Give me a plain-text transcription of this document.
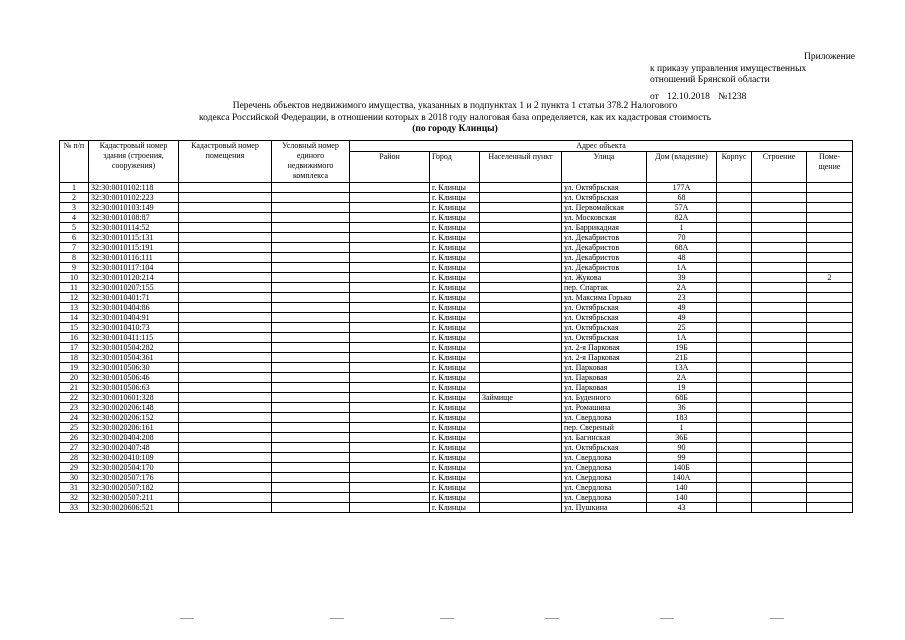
Приложение
к приказу управления имущественных
отношений Брянской области
от 12.10.2018 №1238
Перечень объектов недвижимого имущества, указанных в подпунктах 1 и 2 пункта 1 статьи 378.2 Налогового
кодекса Российской Федерации, в отношении которых в 2018 году налоговая база определяется, как их кадастровая стоимость
(по городу Клинцы)
№ п/п	Кадастровый номер здания (строения, сооружения)	Кадастровый номер помещения	Условный номер единого недвижимого комплекса	Адрес объекта							
				Район	Город	Населенный пункт	Улица	Дом (владение)	Корпус	Строение	Поме-щение
1	32:30:0010102:118				г. Клинцы		ул. Октябрьская	177А			
2	32:30:0010102:223				г. Клинцы		ул. Октябрьская	68			
3	32:30:0010103:149				г. Клинцы		ул. Первомайская	57А			
4	32:30:0010108:87				г. Клинцы		ул. Московская	82А			
5	32:30:0010114:52				г. Клинцы		ул. Баррикадная	1			
6	32:30:0010115:131				г. Клинцы		ул. Декабристов	70			
7	32:30:0010115:191				г. Клинцы		ул. Декабристов	68А			
8	32:30:0010116:111				г. Клинцы		ул. Декабристов	48			
9	32:30:0010117:104				г. Клинцы		ул. Декабристов	1А			
10	32:30:0010120:214				г. Клинцы		ул. Жукова	39			2
11	32:30:0010207:155				г. Клинцы		пер. Спартак	2А			
12	32:30:0010401:71				г. Клинцы		ул. Максима Горько	23			
13	32:30:0010404:86				г. Клинцы		ул. Октябрьская	49			
14	32:30:0010404:91				г. Клинцы		ул. Октябрьская	49			
15	32:30:0010410:73				г. Клинцы		ул. Октябрьская	25			
16	32:30:0010411:115				г. Клинцы		ул. Октябрьская	1А			
17	32:30:0010504:282				г. Клинцы		ул. 2-я Парковая	19Б			
18	32:30:0010504:361				г. Клинцы		ул. 2-я Парковая	21Б			
19	32:30:0010506:30				г. Клинцы		ул. Парковая	13А			
20	32:30:0010506:46				г. Клинцы		ул. Парковая	2А			
21	32:30:0010506:63				г. Клинцы		ул. Парковая	19			
22	32:30:0010601:328				г. Клинцы	Займище	ул. Буденного	68Б			
23	32:30:0020206:148				г. Клинцы		ул. Ромашина	36			
24	32:30:0020206:152				г. Клинцы		ул. Свердлова	183			
25	32:30:0020206:161				г. Клинцы		пер. Свереный	1			
26	32:30:0020404:208				г. Клинцы		ул. Багинская	36Б			
27	32:30:0020407:48				г. Клинцы		ул. Октябрьская	90			
28	32:30:0020410:109				г. Клинцы		ул. Свердлова	99			
29	32:30:0020504:170				г. Клинцы		ул. Свердлова	140Б			
30	32:30:0020507:176				г. Клинцы		ул. Свердлова	140А			
31	32:30:0020507:182				г. Клинцы		ул. Свердлова	140			
32	32:30:0020507:211				г. Клинцы		ул. Свердлова	140			
33	32:30:0020606:521				г. Клинцы		ул. Пушкина	43			
